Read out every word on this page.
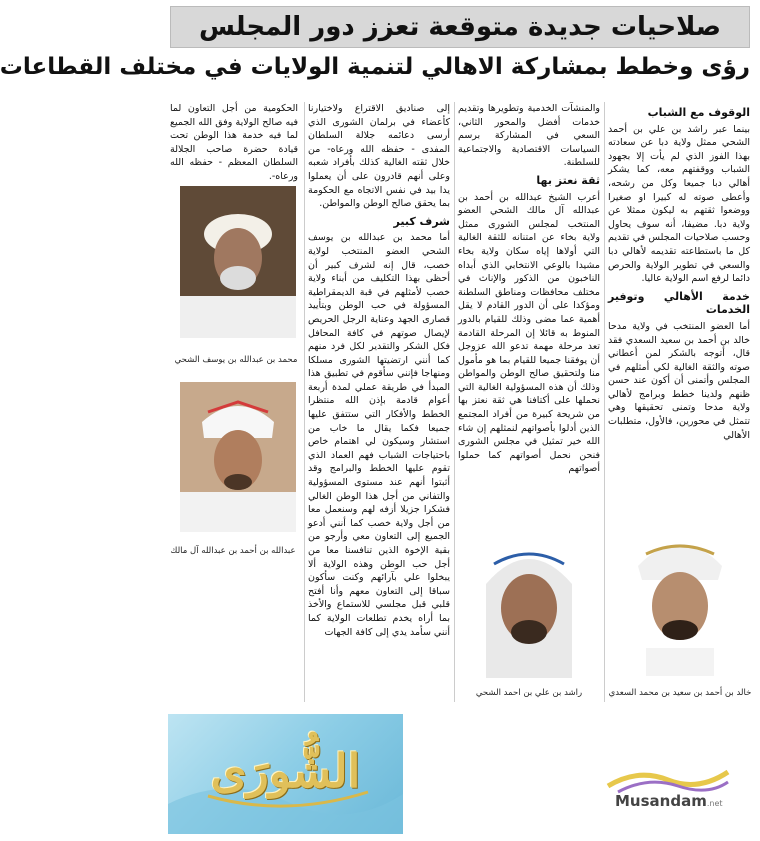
صلاحيات جديدة متوقعة تعزز دور المجلس
رؤى وخطط بمشاركة الاهالي لتنمية الولايات في مختلف القطاعات
الوقوف مع الشباب

بينما عبر راشد بن علي بن أحمد الشحي ممثل ولاية دبا عن سعادته بهذا الفوز الذي لم يأت إلا بجهود الشباب ووقفتهم معه، كما يشكر أهالي دبا جميعا وكل من رشحه، وأعطى صوته له كبيرا او صغيرا ووضعوا ثقتهم به ليكون ممثلا عن ولاية دبا. مضيفا، أنه سوف يحاول وحسب صلاحيات المجلس في تقديم كل ما باستطاعته تقديمه لأهالي دبا والسعي في تطوير الولاية والحرص دائما لرفع اسم الولاية عاليا.

خدمة الأهالي وتوفير الخدمات

أما العضو المنتخب في ولاية مدحا خالد بن أحمد بن سعيد السعدي فقد قال، أتوجه بالشكر لمن أعطاني صوته والثقة الغالية لكي أمثلهم في المجلس وأتمنى أن أكون عند حسن ظنهم ولدينا خطط وبرامج لأهالي ولاية مدحا وتمنى تحقيقها وهي تتمثل في محورين، فالأول، متطلبات الأهالي

والمنشآت الخدمية وتطويرها وتقديم خدمات أفضل والمحور الثاني، السعي في المشاركة برسم السياسات الاقتصادية والاجتماعية للسلطنة.

ثقة نعتز بها

أعرب الشيخ عبدالله بن أحمد بن عبدالله آل مالك الشحي العضو المنتخب لمجلس الشورى ممثل ولاية بخاء عن امتنانه للثقة الغالية التي أولاها إياه سكان ولاية بخاء مشيدا بالوعي الانتخابي الذي أبداه الناخبون من الذكور والإناث في مختلف محافظات ومناطق السلطنة ومؤكدا على أن الدور القادم لا يقل أهمية عما مضى وذلك للقيام بالدور المنوط به قائلا إن المرحلة القادمة تعد مرحلة مهمة تدعو الله عزوجل أن يوفقنا جميعا للقيام بما هو مأمول منا ولتحقيق صالح الوطن والمواطن وذلك أن هذه المسؤولية الغالية التي نحملها على أكتافنا هي ثقة نعتز بها من شريحة كبيرة من أفراد المجتمع الذين أدلوا بأصواتهم لنمثلهم إن شاء الله خير تمثيل في مجلس الشورى فنحن نحمل أصواتهم كما حملوا أصواتهم

إلى صناديق الاقتراع ولاختيارنا كأعضاء في برلمان الشورى الذي أرسى دعائمه جلالة السلطان المفدى - حفظه الله ورعاه- من خلال ثقته الغالية كذلك بأفراد شعبه وعلى أنهم قادرون على أن يعملوا يدا بيد في نفس الاتجاه مع الحكومة بما يحقق صالح الوطن والمواطن.

شرف كبير

أما محمد بن عبدالله بن يوسف الشحي العضو المنتخب لولاية خصب، قال إنه لشرف كبير أن أحظى بهذا التكليف من أبناء ولاية خصب لأمثلهم في قبة الديمقراطية المسؤولة في حب الوطن وبتأييد قصارى الجهد وعناية الرجل الحريص لإيصال صوتهم في كافة المحافل فكل الشكر والتقدير لكل فرد منهم كما أنني ارتضيتها الشورى مسلكا ومنهاجا فإنني سأقوم في تطبيق هذا المبدأ في طريقة عملي لمدة أربعة أعوام قادمة بإذن الله منتظرا الخطط والأفكار التي ستتفق عليها جميعا فكما يقال ما خاب من استشار وسيكون لي اهتمام خاص باحتياجات الشباب فهم العماد الذي تقوم عليها الخطط والبرامج وقد أثبتوا أنهم عند مستوى المسؤولية والتفاني من أجل هذا الوطن الغالي فشكرا جزيلا أزفه لهم وسنعمل معا من أجل ولاية خصب كما أنني أدعو الجميع إلى التعاون معي وأرجو من بقية الإخوة الذين تنافسنا معا من أجل حب الوطن وهذه الولاية ألا يبخلوا علي بآرائهم وكنت سأكون سباقا إلى التعاون معهم وأنا أفتح قلبي قبل مجلسي للاستماع والأخذ بما أراه يخدم تطلعات الولاية كما أنني سأمد يدي إلى كافة الجهات

الحكومية من أجل التعاون لما فيه صالح الولاية وفق الله الجميع لما فيه خدمة هذا الوطن تحت قيادة حضرة صاحب الجلالة السلطان المعظم - حفظه الله ورعاه-.

محمد بن عبدالله بن يوسف الشحي
عبدالله بن أحمد بن عبدالله آل مالك
راشد بن علي بن احمد الشحي	خالد بن أحمد بن سعيد بن محمد السعدي
الشُّورَى
Musandam.net
